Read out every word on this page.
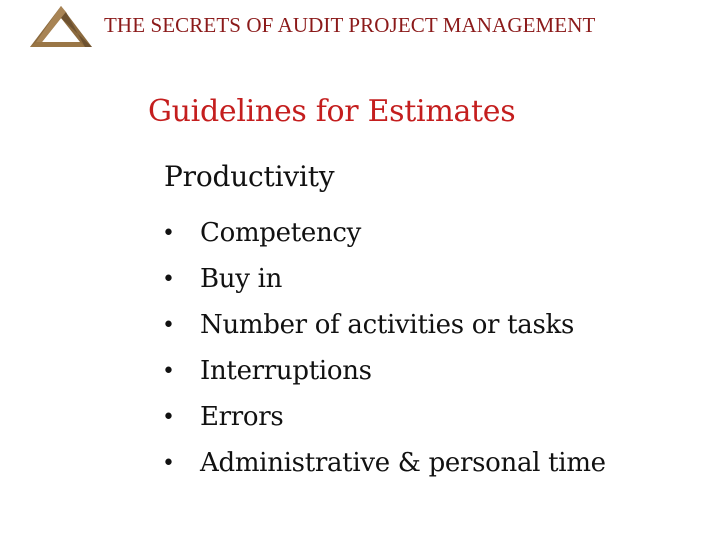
THE SECRETS OF AUDIT PROJECT MANAGEMENT
Guidelines for Estimates
Productivity
• Competency
• Buy in
• Number of activities or tasks
• Interruptions
• Errors
• Administrative & personal time
